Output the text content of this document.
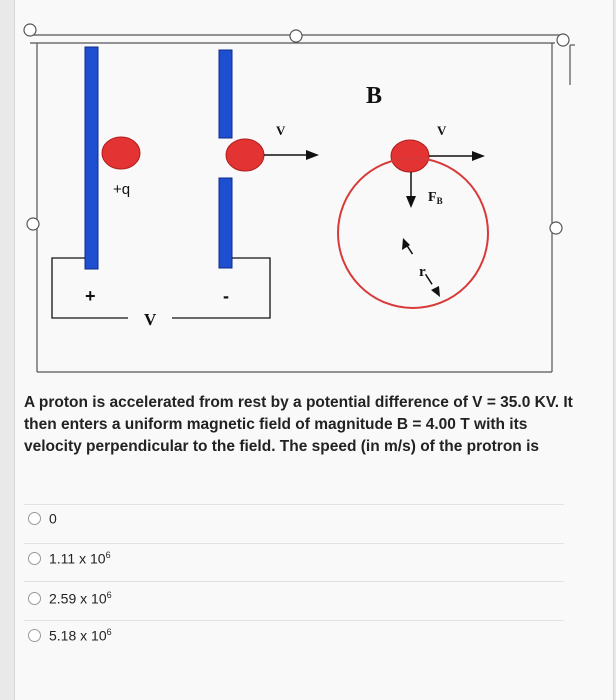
B
V	V
+q
+	-
V
$F_B$
r
A proton is accelerated from rest by a potential difference of V = 35.0 KV. It then enters a uniform magnetic field of magnitude B = 4.00 T with its velocity perpendicular to the field. The speed (in m/s) of the protron is
0
1.11 x $10^6$
2.59 x $10^6$
5.18 x $10^6$
